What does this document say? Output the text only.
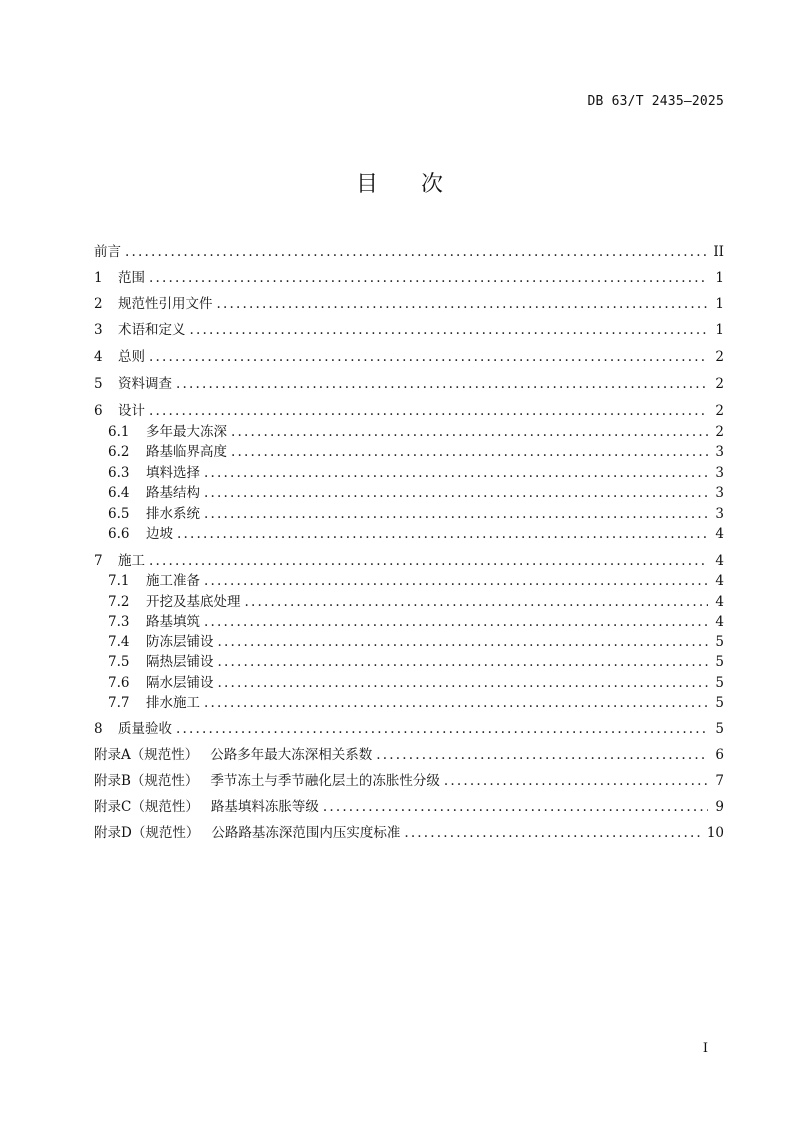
DB 63/T 2435—2025
目 次
前言 .....	II
1	范围 .....	1
2	规范性引用文件 .....	1
3	术语和定义 .....	1
4	总则 .....	2
5	资料调查 .....	2
6	设计 .....	2
6.1	多年最大冻深 .....	2
6.2	路基临界高度 .....	3
6.3	填料选择 .....	3
6.4	路基结构 .....	3
6.5	排水系统 .....	3
6.6	边坡 .....	4
7	施工 .....	4
7.1	施工准备 .....	4
7.2	开挖及基底处理 .....	4
7.3	路基填筑 .....	4
7.4	防冻层铺设 .....	5
7.5	隔热层铺设 .....	5
7.6	隔水层铺设 .....	5
7.7	排水施工 .....	5
8	质量验收 .....	5
附录A（规范性） 公路多年最大冻深相关系数 .....	6
附录B（规范性） 季节冻土与季节融化层土的冻胀性分级 .....	7
附录C（规范性） 路基填料冻胀等级 .....	9
附录D（规范性） 公路路基冻深范围内压实度标准 .....	10
I
